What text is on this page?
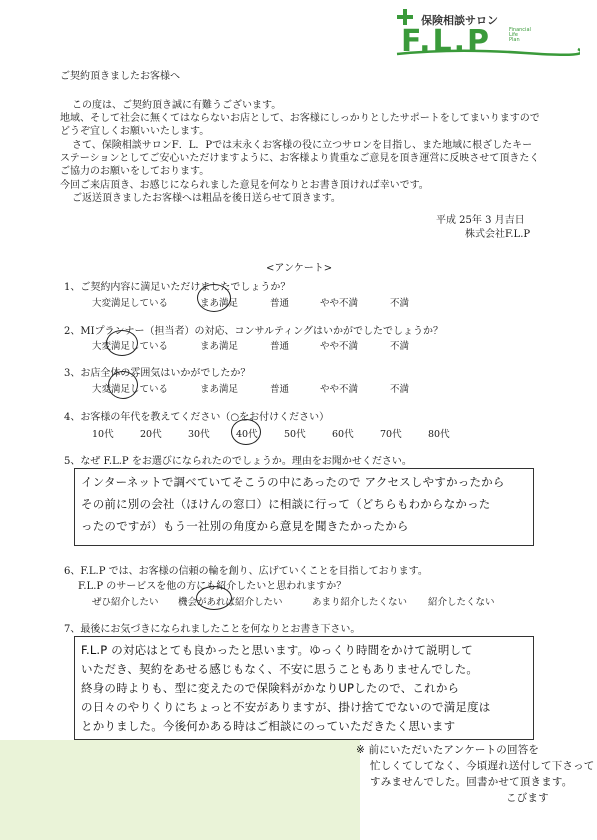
保険相談サロン
F.L.P	Financial
Life
Plan
ご契約頂きましたお客様へ
この度は、ご契約頂き誠に有難うございます。
地域、そして社会に無くてはならないお店として、お客様にしっかりとしたサポートをしてまいりますので
どうぞ宜しくお願いいたします。
さて、保険相談サロンF．L．Pでは末永くお客様の役に立つサロンを目指し、また地域に根ざしたキー
ステーションとしてご安心いただけますように、お客様より貴重なご意見を頂き運営に反映させて頂きたく
ご協力のお願いをしております。
今回ご来店頂き、お感じになられました意見を何なりとお書き頂ければ幸いです。
ご返送頂きましたお客様へは粗品を後日送らせて頂きます。
平成 25年 3 月吉日
株式会社F.L.P
<アンケート>
1、ご契約内容に満足いただけましたでしょうか？
大変満足している	まあ満足	普通	やや不満	不満
2、MIプランナー（担当者）の対応、コンサルティングはいかがでしたでしょうか？
大変満足している	まあ満足	普通	やや不満	不満
3、お店全体の雰囲気はいかがでしたか？
大変満足している	まあ満足	普通	やや不満	不満
4、お客様の年代を教えてください（○をお付けください）
10代	20代	30代	40代	50代	60代	70代	80代
5、なぜ F.L.P をお選びになられたのでしょうか。理由をお聞かせください。
インターネットで調べていてそこうの中にあったので アクセスしやすかったから
その前に別の会社（ほけんの窓口）に相談に行って（どちらもわからなかった
ったのですが）もう一社別の角度から意見を聞きたかったから
6、F.L.P では、お客様の信頼の輪を創り、広げていくことを目指しております。
F.L.P のサービスを他の方にも紹介したいと思われますか？
ぜひ紹介したい 機会があれば紹介したい	あまり紹介したくない 紹介したくない
7、最後にお気づきになられましたことを何なりとお書き下さい。
F.L.P の対応はとても良かったと思います。ゆっくり時間をかけて説明して
いただき、契約をあせる感じもなく、不安に思うこともありませんでした。
終身の時よりも、型に変えたので保険料がかなりUPしたので、これから
の日々のやりくりにちょっと不安がありますが、掛け捨てでないので満足度は
とかりました。今後何かある時はご相談にのっていただきたく思います
※ 前にいただいたアンケートの回答を
忙しくてしてなく、今頃遅れ送付して下さって
すみませんでした。回書かせて頂きます。
こびます
